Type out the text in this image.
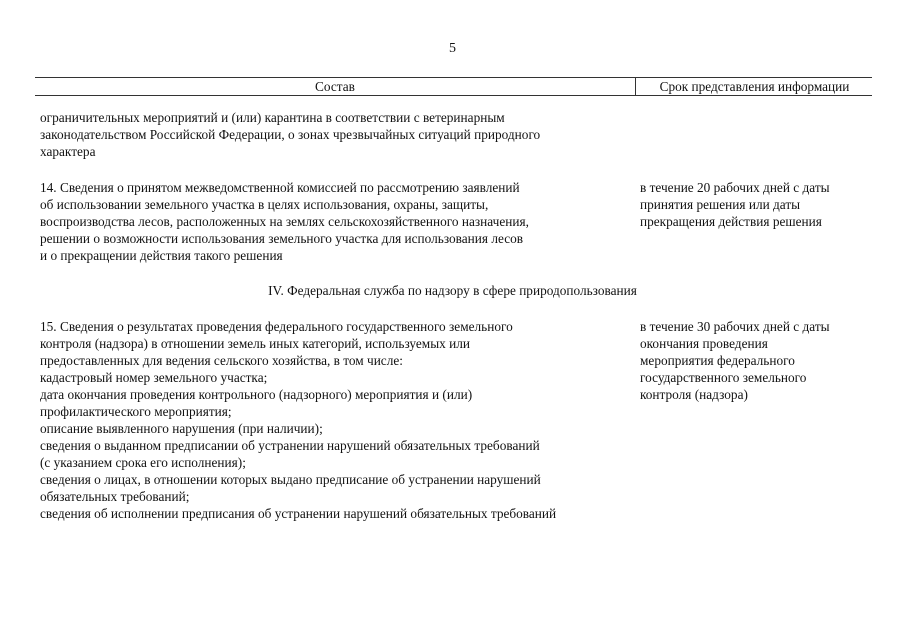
5
Состав	Срок представления информации
ограничительных мероприятий и (или) карантина в соответствии с ветеринарным
законодательством Российской Федерации, о зонах чрезвычайных ситуаций природного
характера
14. Сведения о принятом межведомственной комиссией по рассмотрению заявлений
об использовании земельного участка в целях использования, охраны, защиты,
воспроизводства лесов, расположенных на землях сельскохозяйственного назначения,
решении о возможности использования земельного участка для использования лесов
и о прекращении действия такого решения
в течение 20 рабочих дней с даты
принятия решения или даты
прекращения действия решения
IV. Федеральная служба по надзору в сфере природопользования
15. Сведения о результатах проведения федерального государственного земельного
контроля (надзора) в отношении земель иных категорий, используемых или
предоставленных для ведения сельского хозяйства, в том числе:
кадастровый номер земельного участка;
дата окончания проведения контрольного (надзорного) мероприятия и (или)
профилактического мероприятия;
описание выявленного нарушения (при наличии);
сведения о выданном предписании об устранении нарушений обязательных требований
(с указанием срока его исполнения);
сведения о лицах, в отношении которых выдано предписание об устранении нарушений
обязательных требований;
сведения об исполнении предписания об устранении нарушений обязательных требований
в течение 30 рабочих дней с даты
окончания проведения
мероприятия федерального
государственного земельного
контроля (надзора)
